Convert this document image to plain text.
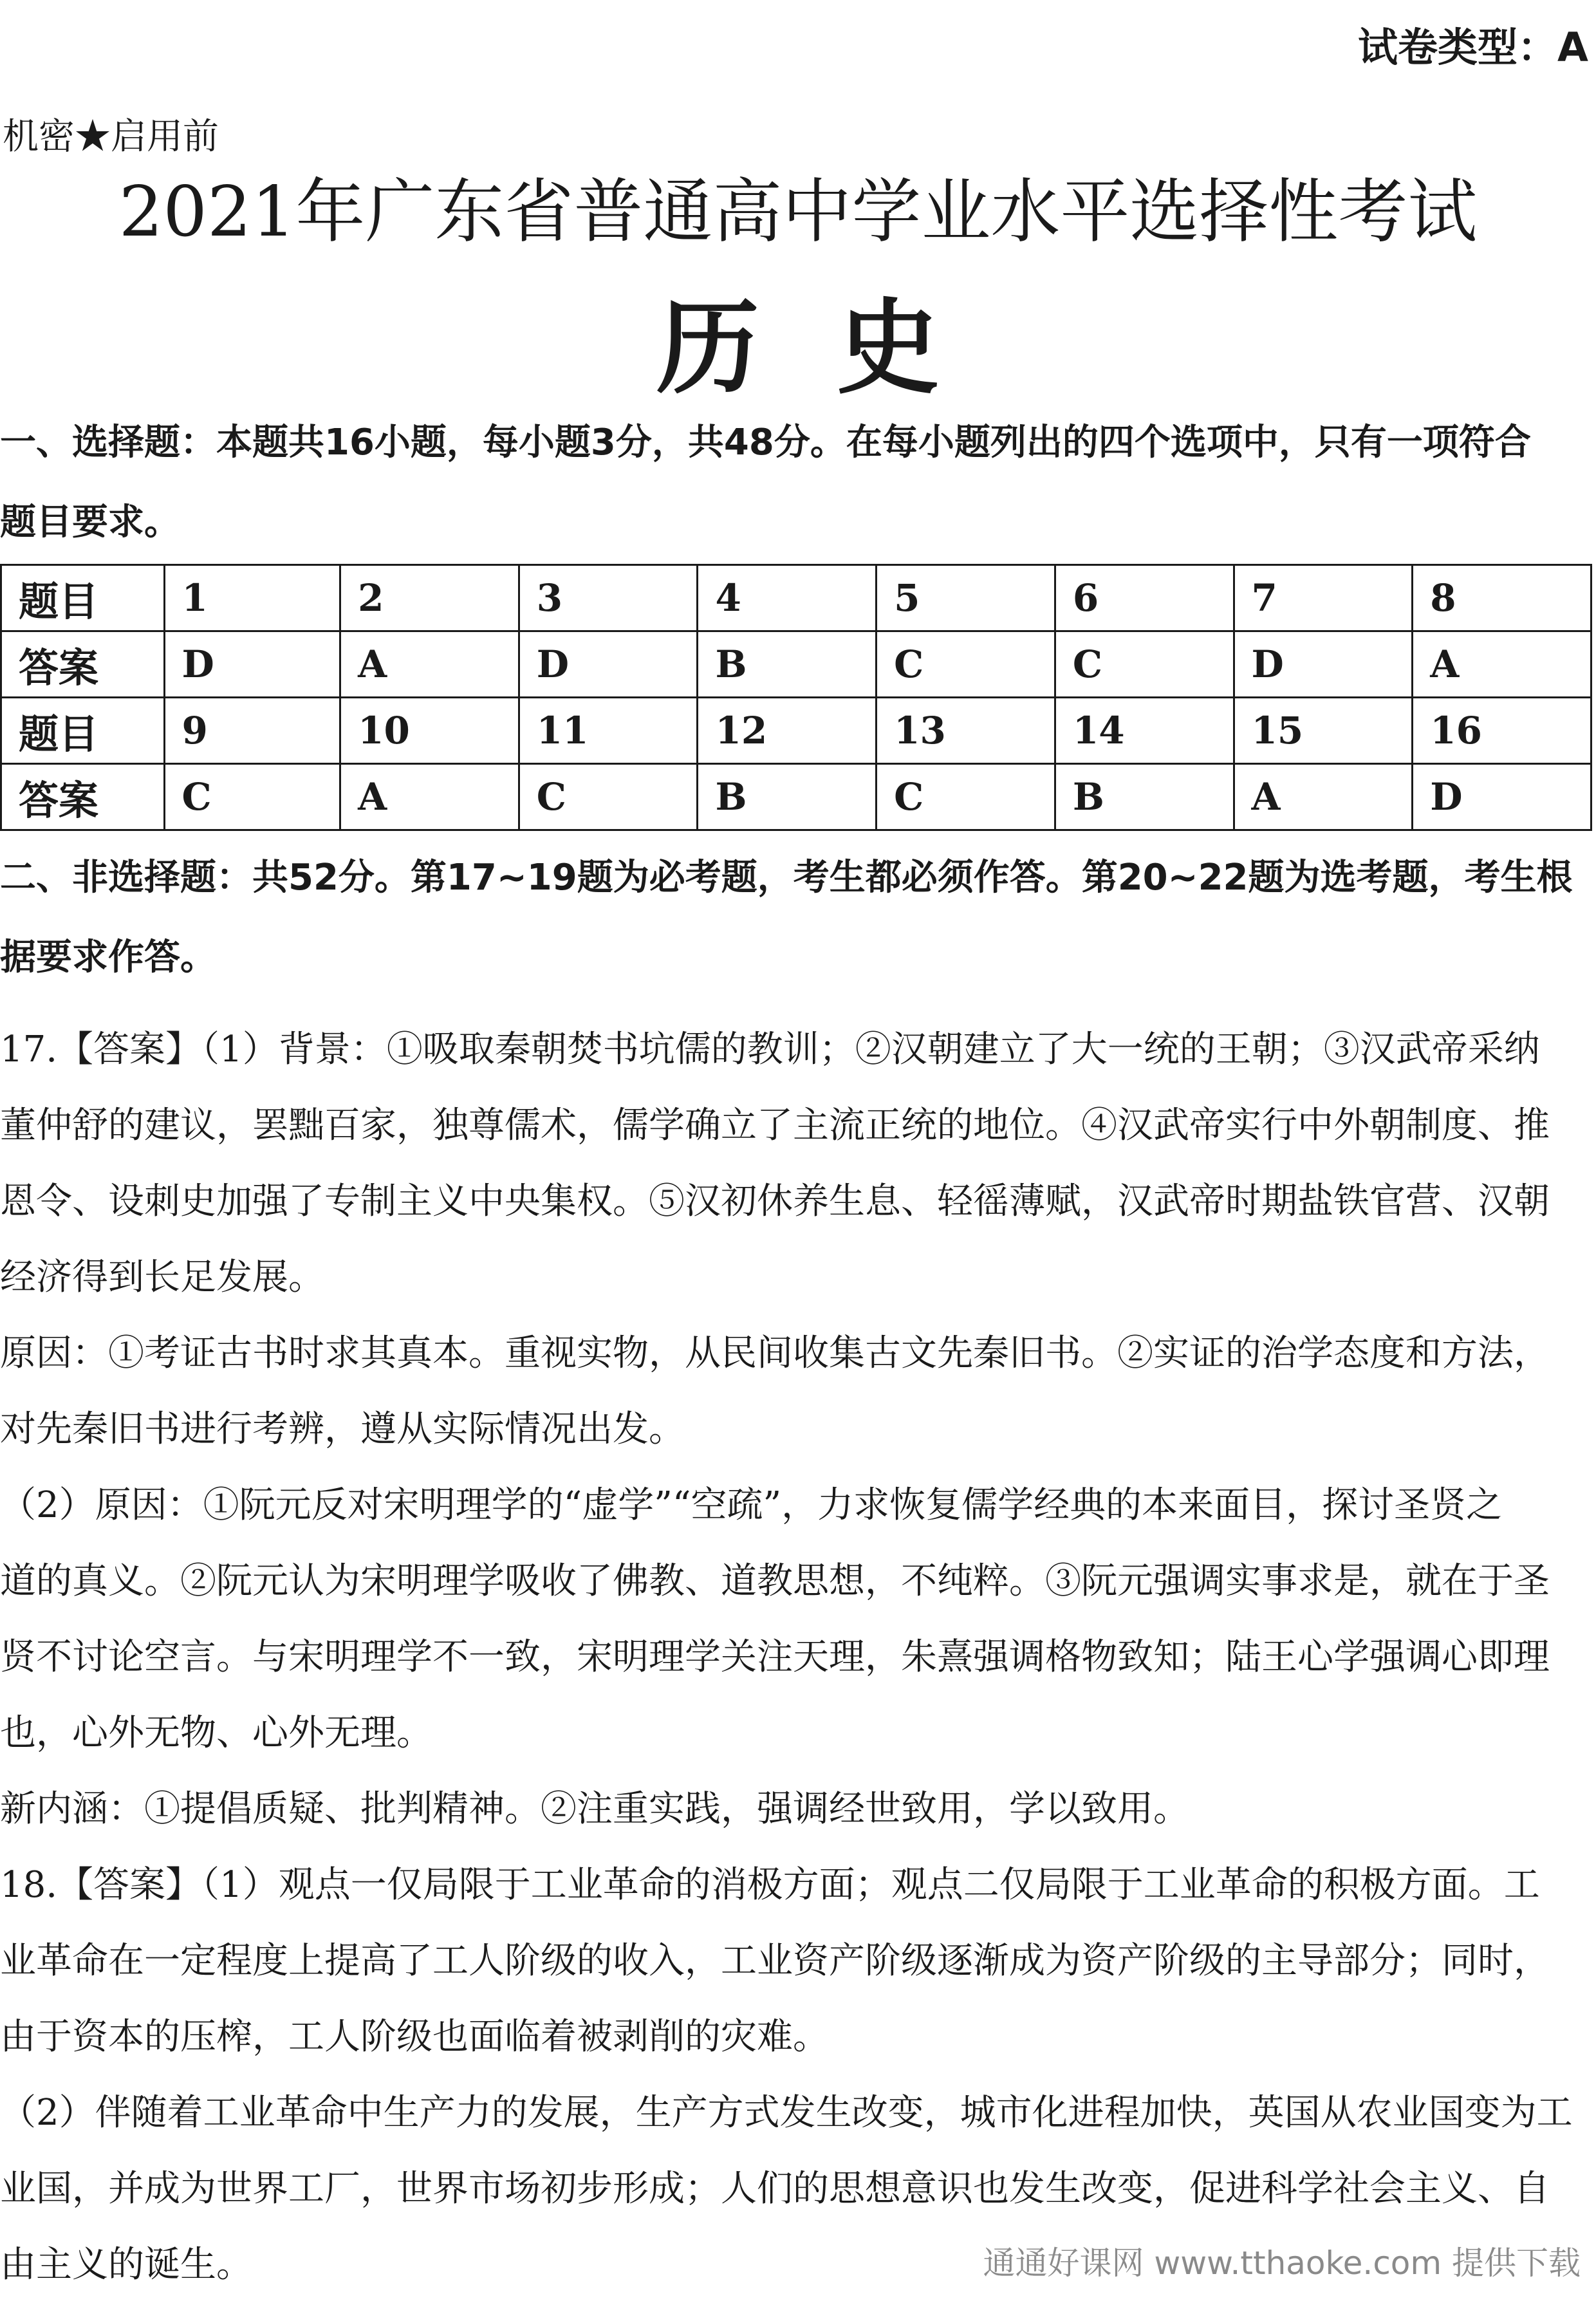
试卷类型：A
机密★启用前
2021年广东省普通高中学业水平选择性考试
历史

一、选择题：本题共16小题，每小题3分，共48分。在每小题列出的四个选项中，只有一项符合

题目要求。

题目	1	2	3	4	5	6	7	8
答案	D	A	D	B	C	C	D	A
题目	9	10	11	12	13	14	15	16
答案	C	A	C	B	C	B	A	D

二、非选择题：共52分。第17~19题为必考题，考生都必须作答。第20~22题为选考题，考生根

据要求作答。

17.【答案】（1）背景：①吸取秦朝焚书坑儒的教训；②汉朝建立了大一统的王朝；③汉武帝采纳

董仲舒的建议，罢黜百家，独尊儒术，儒学确立了主流正统的地位。④汉武帝实行中外朝制度、推

恩令、设刺史加强了专制主义中央集权。⑤汉初休养生息、轻徭薄赋，汉武帝时期盐铁官营、汉朝

经济得到长足发展。

原因：①考证古书时求其真本。重视实物，从民间收集古文先秦旧书。②实证的治学态度和方法，

对先秦旧书进行考辨，遵从实际情况出发。

（2）原因：①阮元反对宋明理学的“虚学”“空疏”，力求恢复儒学经典的本来面目，探讨圣贤之

道的真义。②阮元认为宋明理学吸收了佛教、道教思想，不纯粹。③阮元强调实事求是，就在于圣

贤不讨论空言。与宋明理学不一致，宋明理学关注天理，朱熹强调格物致知；陆王心学强调心即理

也，心外无物、心外无理。

新内涵：①提倡质疑、批判精神。②注重实践，强调经世致用，学以致用。

18.【答案】（1）观点一仅局限于工业革命的消极方面；观点二仅局限于工业革命的积极方面。工

业革命在一定程度上提高了工人阶级的收入，工业资产阶级逐渐成为资产阶级的主导部分；同时，

由于资本的压榨，工人阶级也面临着被剥削的灾难。

（2）伴随着工业革命中生产力的发展，生产方式发生改变，城市化进程加快，英国从农业国变为工

业国，并成为世界工厂，世界市场初步形成；人们的思想意识也发生改变，促进科学社会主义、自

由主义的诞生。	通通好课网 www.tthaoke.com 提供下载
